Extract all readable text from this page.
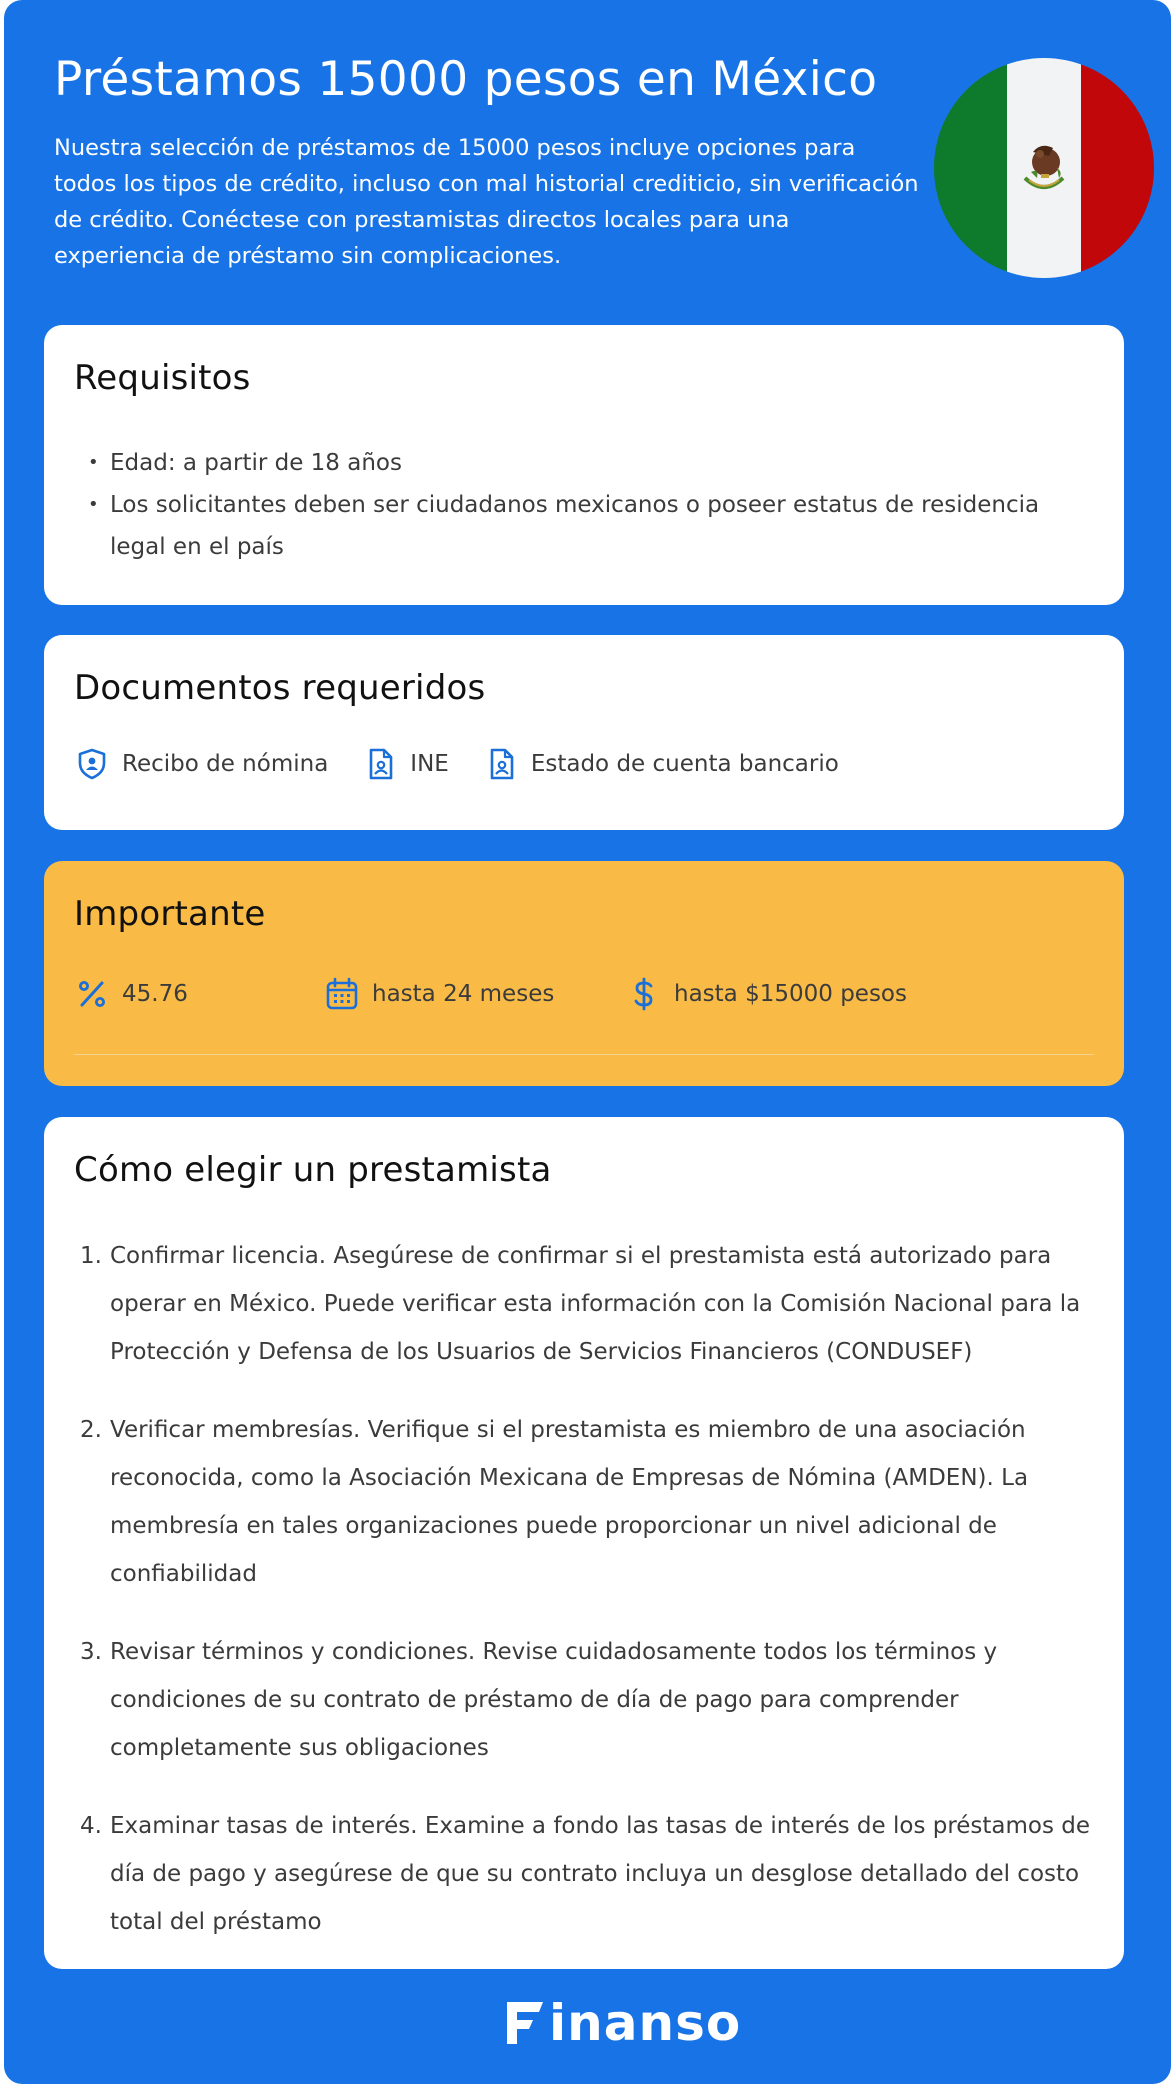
Préstamos 15000 pesos en México

Nuestra selección de préstamos de 15000 pesos incluye opciones para todos los tipos de crédito, incluso con mal historial crediticio, sin verificación de crédito. Conéctese con prestamistas directos locales para una experiencia de préstamo sin complicaciones.

Requisitos
• Edad: a partir de 18 años
• Los solicitantes deben ser ciudadanos mexicanos o poseer estatus de residencia legal en el país
Documentos requeridos
Recibo de nómina	INE	Estado de cuenta bancario
Importante
45.76	hasta 24 meses	hasta $15000 pesos
Cómo elegir un prestamista
1. Confirmar licencia. Asegúrese de confirmar si el prestamista está autorizado para operar en México. Puede verificar esta información con la Comisión Nacional para la Protección y Defensa de los Usuarios de Servicios Financieros (CONDUSEF)
2. Verificar membresías. Verifique si el prestamista es miembro de una asociación reconocida, como la Asociación Mexicana de Empresas de Nómina (AMDEN). La membresía en tales organizaciones puede proporcionar un nivel adicional de confiabilidad
3. Revisar términos y condiciones. Revise cuidadosamente todos los términos y condiciones de su contrato de préstamo de día de pago para comprender completamente sus obligaciones
4. Examinar tasas de interés. Examine a fondo las tasas de interés de los préstamos de día de pago y asegúrese de que su contrato incluya un desglose detallado del costo total del préstamo
inanso
